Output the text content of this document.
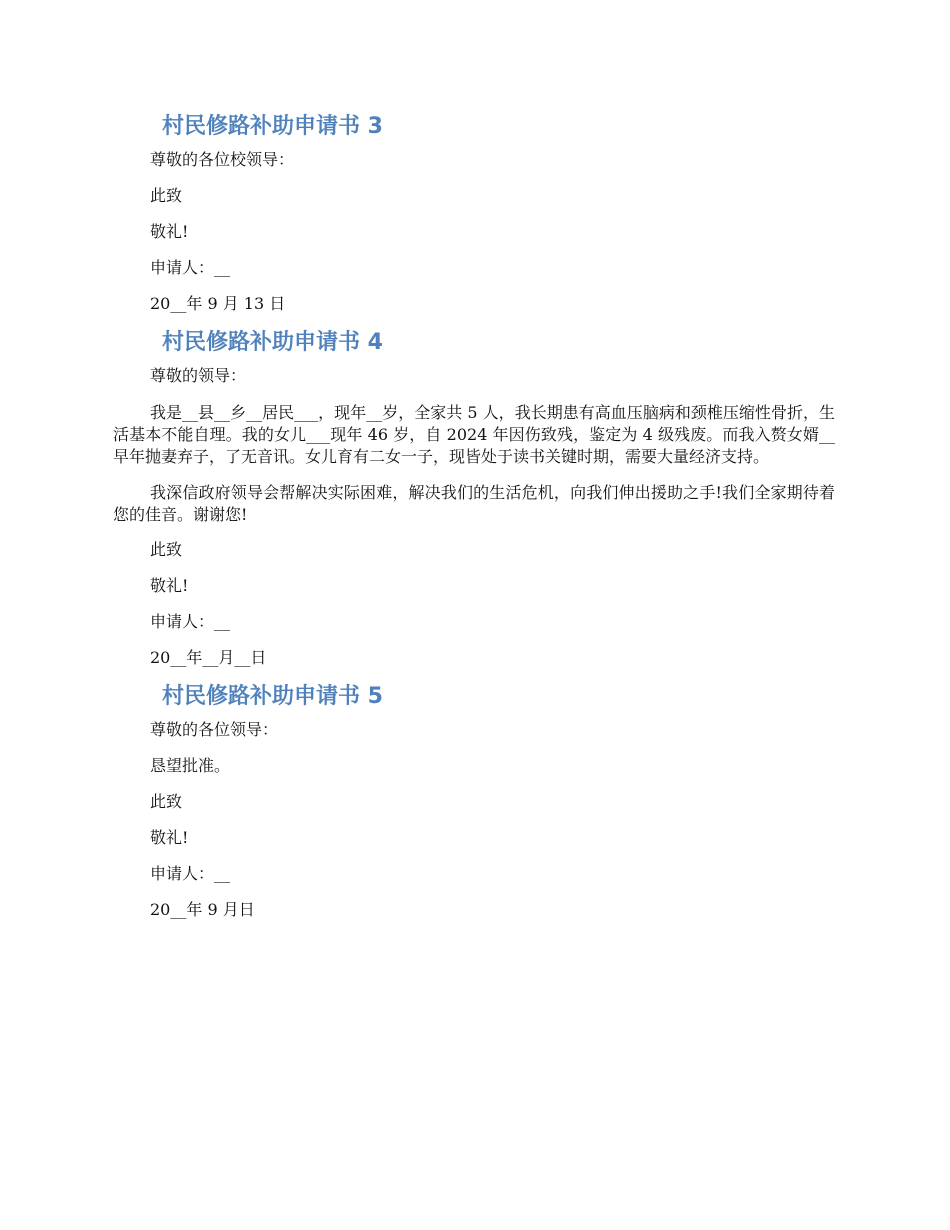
村民修路补助申请书 3

尊敬的各位校领导：

此致

敬礼!

申请人：__

20__年 9 月 13 日

村民修路补助申请书 4

尊敬的领导：

我是__县__乡__居民___，现年__岁，全家共 5 人，我长期患有高血压脑病和颈椎压缩性骨折，生活基本不能自理。我的女儿___现年 46 岁，自 2024 年因伤致残，鉴定为 4 级残废。而我入赘女婿__早年抛妻弃子，了无音讯。女儿育有二女一子，现皆处于读书关键时期，需要大量经济支持。

我深信政府领导会帮解决实际困难，解决我们的生活危机，向我们伸出援助之手!我们全家期待着您的佳音。谢谢您!

此致

敬礼!

申请人：__

20__年__月__日

村民修路补助申请书 5

尊敬的各位领导：

恳望批准。

此致

敬礼!

申请人：__

20__年 9 月日
